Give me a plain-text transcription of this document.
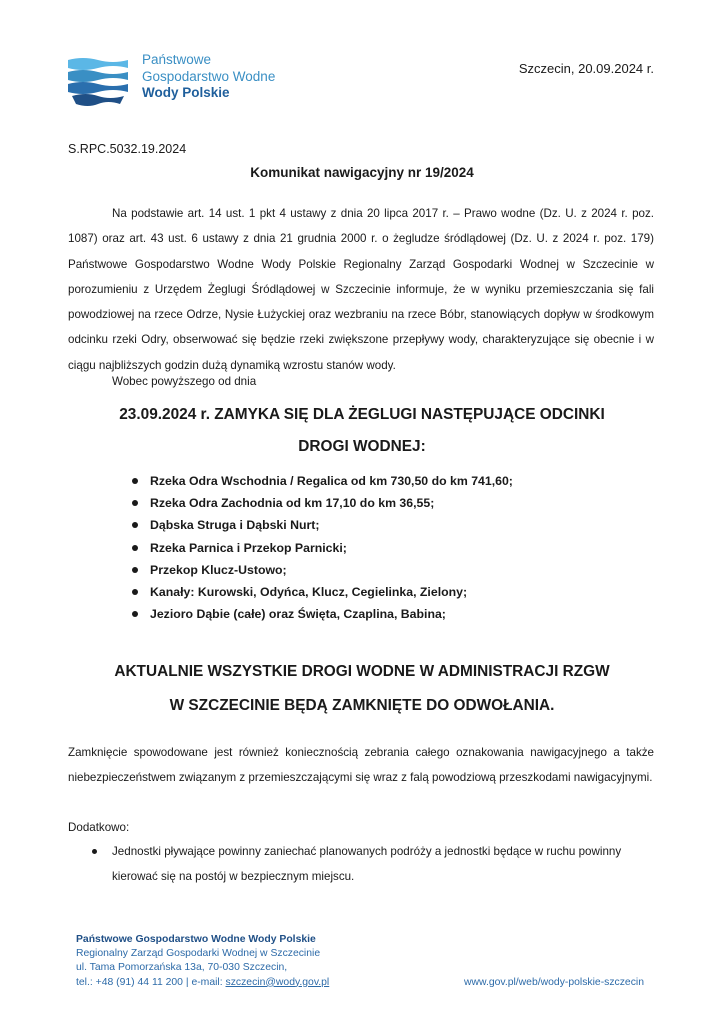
Państwowe
Gospodarstwo Wodne
Wody Polskie
Szczecin, 20.09.2024 r.
S.RPC.5032.19.2024
Komunikat nawigacyjny nr 19/2024
Na podstawie art. 14 ust. 1 pkt 4 ustawy z dnia 20 lipca 2017 r. – Prawo wodne (Dz. U. z 2024 r. poz. 1087) oraz art. 43 ust. 6 ustawy z dnia 21 grudnia 2000 r. o żegludze śródlądowej (Dz. U. z 2024 r. poz. 179) Państwowe Gospodarstwo Wodne Wody Polskie Regionalny Zarząd Gospodarki Wodnej w Szczecinie w porozumieniu z Urzędem Żeglugi Śródlądowej w Szczecinie informuje, że w wyniku przemieszczania się fali powodziowej na rzece Odrze, Nysie Łużyckiej oraz wezbraniu na rzece Bóbr, stanowiących dopływ w środkowym odcinku rzeki Odry, obserwować się będzie rzeki zwiększone przepływy wody, charakteryzujące się obecnie i w ciągu najbliższych godzin dużą dynamiką wzrostu stanów wody.
Wobec powyższego od dnia
23.09.2024 r. ZAMYKA SIĘ DLA ŻEGLUGI NASTĘPUJĄCE ODCINKI
DROGI WODNEJ:
Rzeka Odra Wschodnia / Regalica od km 730,50 do km 741,60;
Rzeka Odra Zachodnia od km 17,10 do km 36,55;
Dąbska Struga i Dąbski Nurt;
Rzeka Parnica i Przekop Parnicki;
Przekop Klucz-Ustowo;
Kanały: Kurowski, Odyńca, Klucz, Cegielinka, Zielony;
Jezioro Dąbie (całe) oraz Święta, Czaplina, Babina;
AKTUALNIE WSZYSTKIE DROGI WODNE W ADMINISTRACJI RZGW
W SZCZECINIE BĘDĄ ZAMKNIĘTE DO ODWOŁANIA.
Zamknięcie spowodowane jest również koniecznością zebrania całego oznakowania nawigacyjnego a także niebezpieczeństwem związanym z przemieszczającymi się wraz z falą powodziową przeszkodami nawigacyjnymi.
Dodatkowo:
Jednostki pływające powinny zaniechać planowanych podróży a jednostki będące w ruchu powinny kierować się na postój w bezpiecznym miejscu.
Państwowe Gospodarstwo Wodne Wody Polskie
Regionalny Zarząd Gospodarki Wodnej w Szczecinie
ul. Tama Pomorzańska 13a, 70-030 Szczecin,
tel.: +48 (91) 44 11 200 | e-mail: szczecin@wody.gov.pl	www.gov.pl/web/wody-polskie-szczecin
